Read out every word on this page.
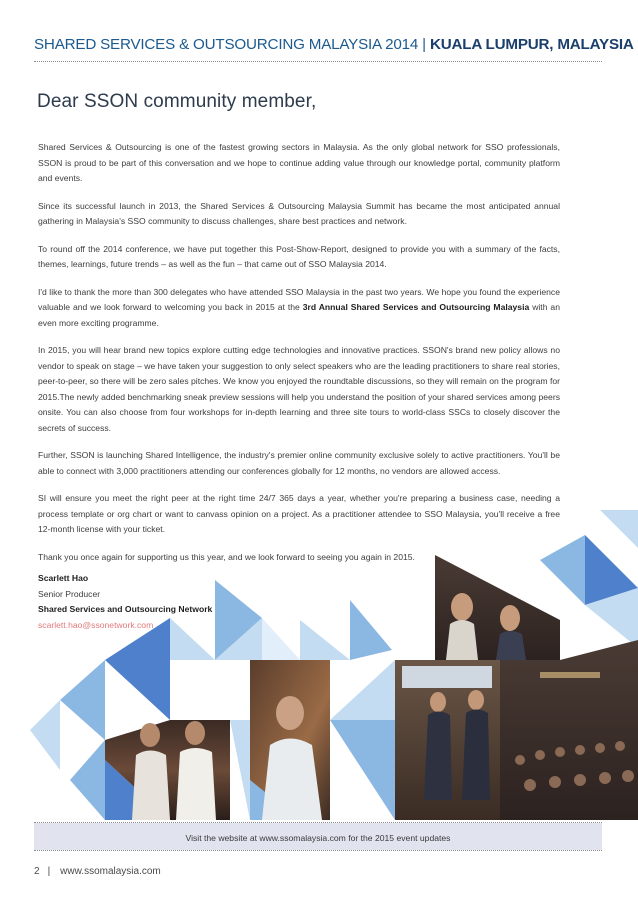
SHARED SERVICES & OUTSOURCING MALAYSIA 2014 | KUALA LUMPUR, MALAYSIA
Dear SSON community member,

Shared Services & Outsourcing is one of the fastest growing sectors in Malaysia. As the only global network for SSO professionals, SSON is proud to be part of this conversation and we hope to continue adding value through our knowledge portal, community platform and events.

Since its successful launch in 2013, the Shared Services & Outsourcing Malaysia Summit has became the most anticipated annual gathering in Malaysia's SSO community to discuss challenges, share best practices and network.

To round off the 2014 conference, we have put together this Post-Show-Report, designed to provide you with a summary of the facts, themes, learnings, future trends – as well as the fun – that came out of SSO Malaysia 2014.

I'd like to thank the more than 300 delegates who have attended SSO Malaysia in the past two years. We hope you found the experience valuable and we look forward to welcoming you back in 2015 at the 3rd Annual Shared Services and Outsourcing Malaysia with an even more exciting programme.

In 2015, you will hear brand new topics explore cutting edge technologies and innovative practices. SSON's brand new policy allows no vendor to speak on stage – we have taken your suggestion to only select speakers who are the leading practitioners to share real stories, peer-to-peer, so there will be zero sales pitches. We know you enjoyed the roundtable discussions, so they will remain on the program for 2015.The newly added benchmarking sneak preview sessions will help you understand the position of your shared services among peers onsite. You can also choose from four workshops for in-depth learning and three site tours to world-class SSCs to closely discover the secrets of success.

Further, SSON is launching Shared Intelligence, the industry's premier online community exclusive solely to active practitioners. You'll be able to connect with 3,000 practitioners attending our conferences globally for 12 months, no vendors are allowed access.

SI will ensure you meet the right peer at the right time 24/7 365 days a year, whether you're preparing a business case, needing a process template or org chart or want to canvass opinion on a project. As a practitioner attendee to SSO Malaysia, you'll receive a free 12-month license with your ticket.

Thank you once again for supporting us this year, and we look forward to seeing you again in 2015.

Scarlett Hao
Senior Producer
Shared Services and Outsourcing Network
scarlett.hao@ssonetwork.com
Visit the website at www.ssomalaysia.com for the 2015 event updates
2 | www.ssomalaysia.com
